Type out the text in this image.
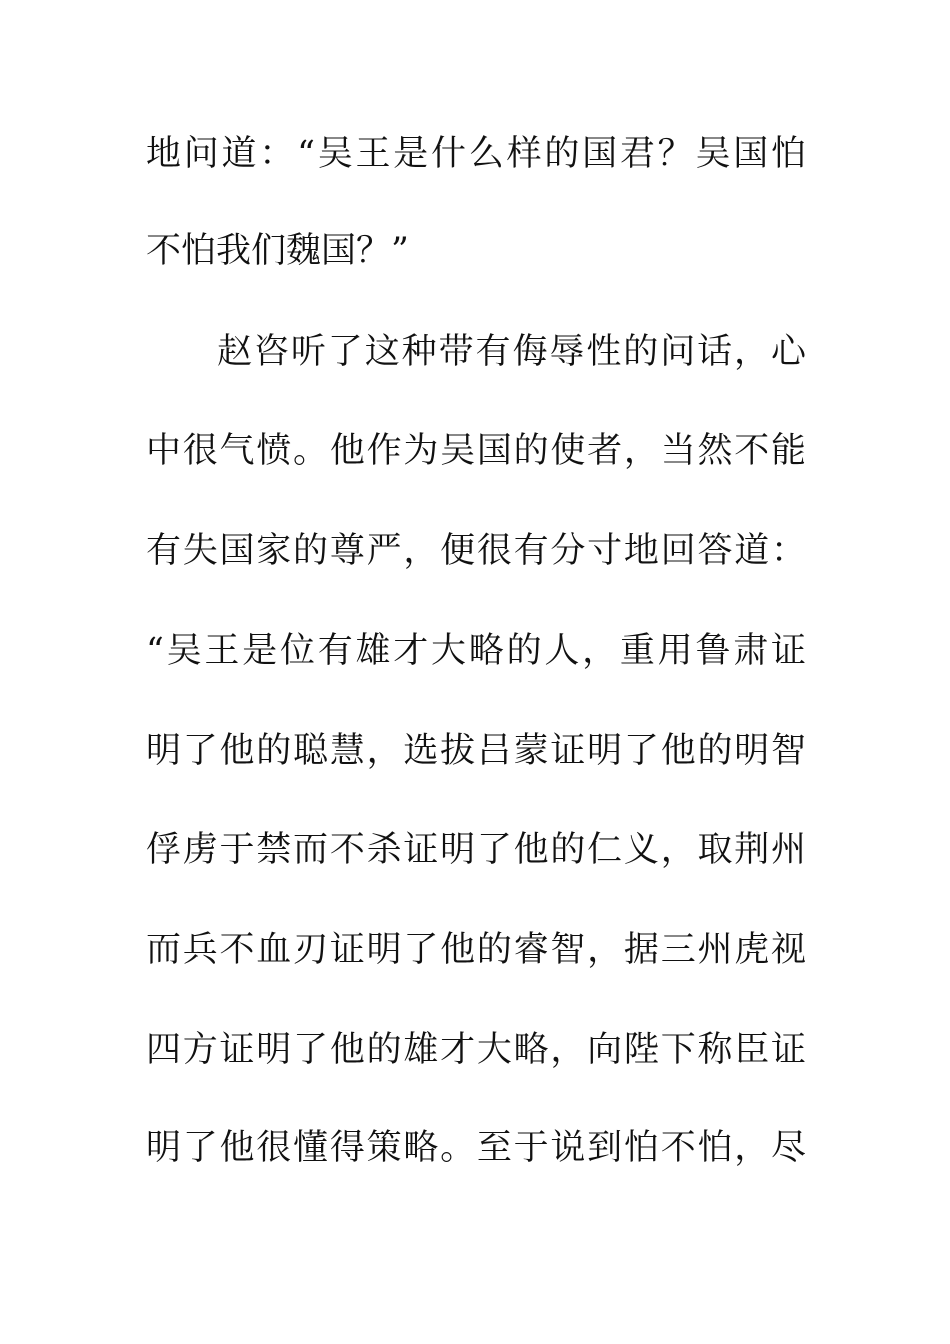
地问道：“吴王是什么样的国君？吴国怕
不怕我们魏国？”
赵咨听了这种带有侮辱性的问话，心
中很气愤。他作为吴国的使者，当然不能
有失国家的尊严，便很有分寸地回答道：
“吴王是位有雄才大略的人，重用鲁肃证
明了他的聪慧，选拔吕蒙证明了他的明智
俘虏于禁而不杀证明了他的仁义，取荆州
而兵不血刃证明了他的睿智，据三州虎视
四方证明了他的雄才大略，向陛下称臣证
明了他很懂得策略。至于说到怕不怕，尽
